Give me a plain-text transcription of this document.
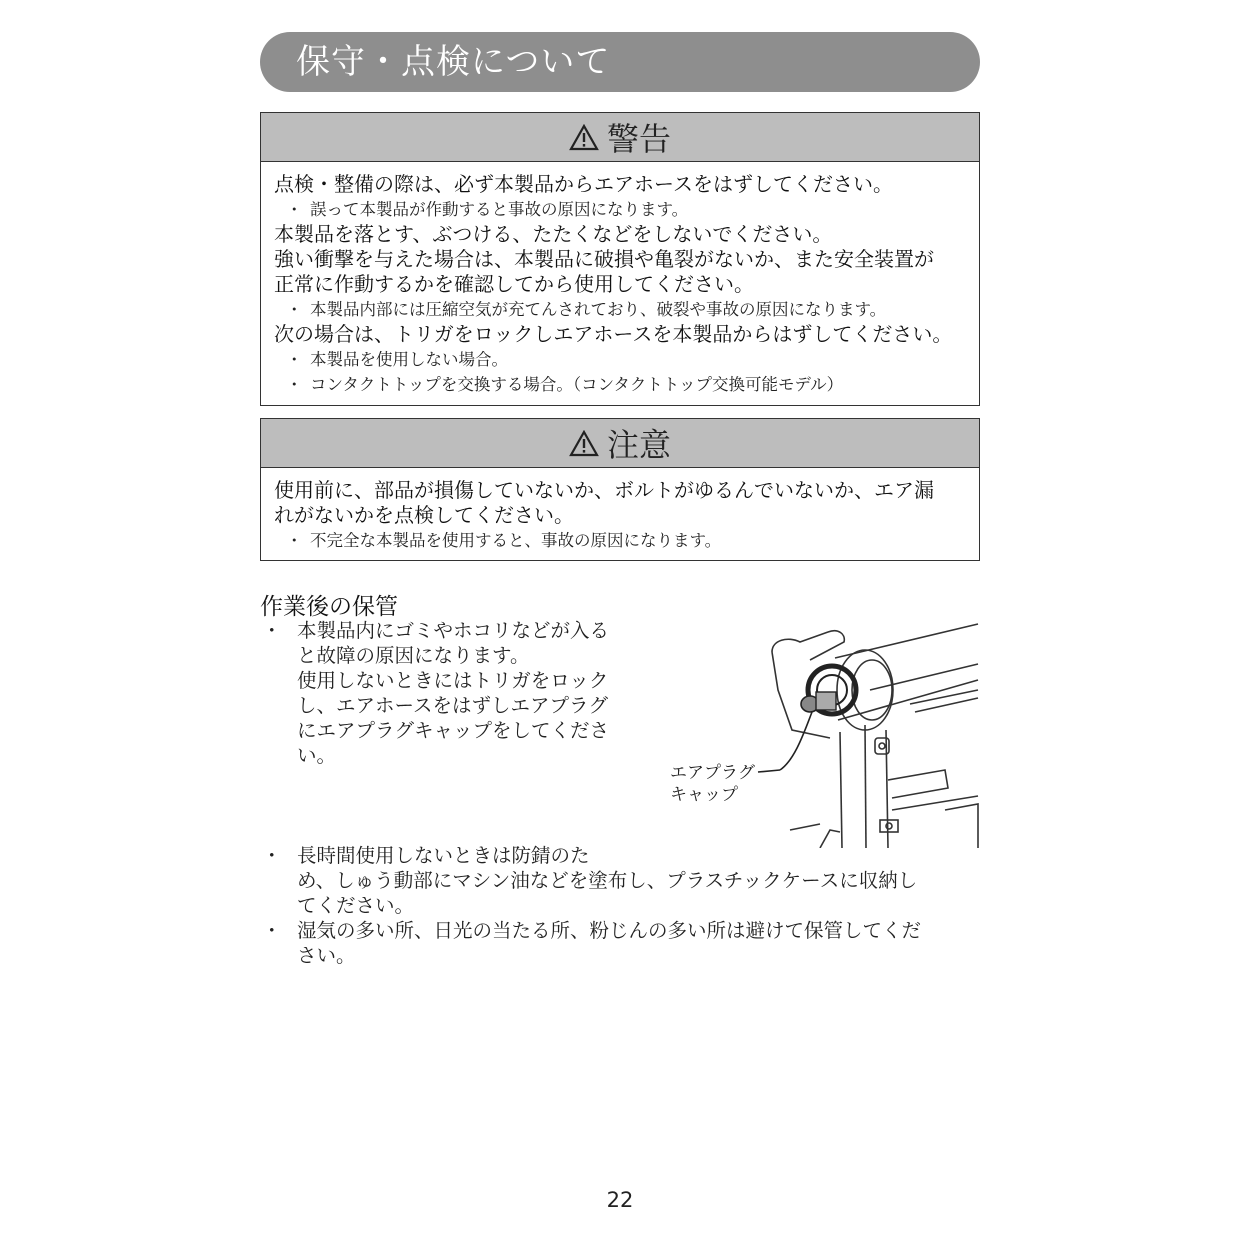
保守・点検について
警告
点検・整備の際は、必ず本製品からエアホースをはずしてください。
・ 誤って本製品が作動すると事故の原因になります。
本製品を落とす、ぶつける、たたくなどをしないでください。
強い衝撃を与えた場合は、本製品に破損や亀裂がないか、また安全装置が
正常に作動するかを確認してから使用してください。
・ 本製品内部には圧縮空気が充てんされており、破裂や事故の原因になります。
次の場合は、トリガをロックしエアホースを本製品からはずしてください。
・ 本製品を使用しない場合。
・ コンタクトトップを交換する場合。（コンタクトトップ交換可能モデル）
注意
使用前に、部品が損傷していないか、ボルトがゆるんでいないか、エア漏
れがないかを点検してください。
・ 不完全な本製品を使用すると、事故の原因になります。
作業後の保管
・ 本製品内にゴミやホコリなどが入る
と故障の原因になります。
使用しないときにはトリガをロック
し、エアホースをはずしエアプラグ
にエアプラグキャップをしてくださ
い。
・ 長時間使用しないときは防錆のた
め、しゅう動部にマシン油などを塗布し、プラスチックケースに収納し
てください。
・ 湿気の多い所、日光の当たる所、粉じんの多い所は避けて保管してくだ
さい。
エアプラグ
キャップ
22
